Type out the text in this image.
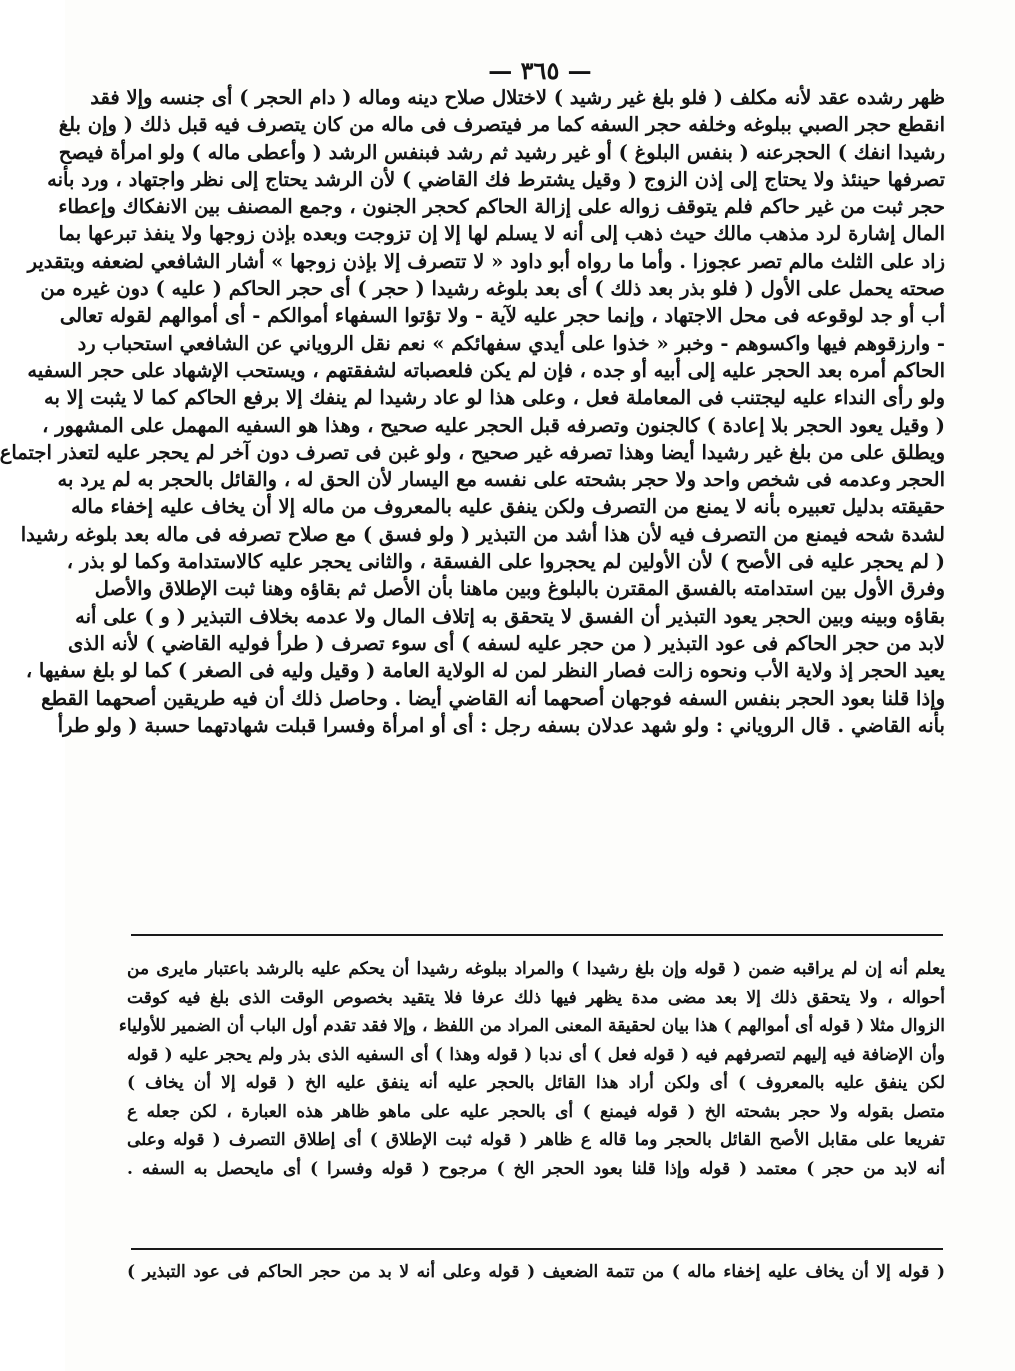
— ٣٦٥ —
ظهر رشده عقد لأنه مكلف ( فلو بلغ غير رشيد ) لاختلال صلاح دينه وماله ( دام الحجر ) أى جنسه وإلا فقد
انقطع حجر الصبي ببلوغه وخلفه حجر السفه كما مر فيتصرف فى ماله من كان يتصرف فيه قبل ذلك ( وإن بلغ
رشيدا انفك ) الحجرعنه ( بنفس البلوغ ) أو غير رشيد ثم رشد فبنفس الرشد ( وأعطى ماله ) ولو امرأة فيصح
تصرفها حينئذ ولا يحتاج إلى إذن الزوج ( وقيل يشترط فك القاضي ) لأن الرشد يحتاج إلى نظر واجتهاد ، ورد بأنه
حجر ثبت من غير حاكم فلم يتوقف زواله على إزالة الحاكم كحجر الجنون ، وجمع المصنف بين الانفكاك وإعطاء
المال إشارة لرد مذهب مالك حيث ذهب إلى أنه لا يسلم لها إلا إن تزوجت وبعده بإذن زوجها ولا ينفذ تبرعها بما
زاد على الثلث مالم تصر عجوزا . وأما ما رواه أبو داود « لا تتصرف إلا بإذن زوجها » أشار الشافعي لضعفه وبتقدير
صحته يحمل على الأول ( فلو بذر بعد ذلك ) أى بعد بلوغه رشيدا ( حجر ) أى حجر الحاكم ( عليه ) دون غيره من
أب أو جد لوقوعه فى محل الاجتهاد ، وإنما حجر عليه لآية - ولا تؤتوا السفهاء أموالكم - أى أموالهم لقوله تعالى
- وارزقوهم فيها واكسوهم - وخبر « خذوا على أيدي سفهائكم » نعم نقل الروياني عن الشافعي استحباب رد
الحاكم أمره بعد الحجر عليه إلى أبيه أو جده ، فإن لم يكن فلعصباته لشفقتهم ، ويستحب الإشهاد على حجر السفيه
ولو رأى النداء عليه ليجتنب فى المعاملة فعل ، وعلى هذا لو عاد رشيدا لم ينفك إلا برفع الحاكم كما لا يثبت إلا به
( وقيل يعود الحجر بلا إعادة ) كالجنون وتصرفه قبل الحجر عليه صحيح ، وهذا هو السفيه المهمل على المشهور ،
ويطلق على من بلغ غير رشيدا أيضا وهذا تصرفه غير صحيح ، ولو غبن فى تصرف دون آخر لم يحجر عليه لتعذر اجتماع
الحجر وعدمه فى شخص واحد ولا حجر بشحته على نفسه مع اليسار لأن الحق له ، والقائل بالحجر به لم يرد به
حقيقته بدليل تعبيره بأنه لا يمنع من التصرف ولكن ينفق عليه بالمعروف من ماله إلا أن يخاف عليه إخفاء ماله
لشدة شحه فيمنع من التصرف فيه لأن هذا أشد من التبذير ( ولو فسق ) مع صلاح تصرفه فى ماله بعد بلوغه رشيدا
( لم يحجر عليه فى الأصح ) لأن الأولين لم يحجروا على الفسقة ، والثانى يحجر عليه كالاستدامة وكما لو بذر ،
وفرق الأول بين استدامته بالفسق المقترن بالبلوغ وبين ماهنا بأن الأصل ثم بقاؤه وهنا ثبت الإطلاق والأصل
بقاؤه وبينه وبين الحجر يعود التبذير أن الفسق لا يتحقق به إتلاف المال ولا عدمه بخلاف التبذير ( و ) على أنه
لابد من حجر الحاكم فى عود التبذير ( من حجر عليه لسفه ) أى سوء تصرف ( طرأ فوليه القاضي ) لأنه الذى
يعيد الحجر إذ ولاية الأب ونحوه زالت فصار النظر لمن له الولاية العامة ( وقيل وليه فى الصغر ) كما لو بلغ سفيها ،
وإذا قلنا بعود الحجر بنفس السفه فوجهان أصحهما أنه القاضي أيضا . وحاصل ذلك أن فيه طريقين أصحهما القطع
بأنه القاضي . قال الروياني : ولو شهد عدلان بسفه رجل : أى أو امرأة وفسرا قبلت شهادتهما حسبة ( ولو طرأ
يعلم أنه إن لم يراقبه ضمن ( قوله وإن بلغ رشيدا ) والمراد ببلوغه رشيدا أن يحكم عليه بالرشد باعتبار مايرى من
أحواله ، ولا يتحقق ذلك إلا بعد مضى مدة يظهر فيها ذلك عرفا فلا يتقيد بخصوص الوقت الذى بلغ فيه كوقت
الزوال مثلا ( قوله أى أموالهم ) هذا بيان لحقيقة المعنى المراد من اللفظ ، وإلا فقد تقدم أول الباب أن الضمير للأولياء
وأن الإضافة فيه إليهم لتصرفهم فيه ( قوله فعل ) أى ندبا ( قوله وهذا ) أى السفيه الذى بذر ولم يحجر عليه ( قوله
لكن ينفق عليه بالمعروف ) أى ولكن أراد هذا القائل بالحجر عليه أنه ينفق عليه الخ ( قوله إلا أن يخاف )
متصل بقوله ولا حجر بشحته الخ ( قوله فيمنع ) أى بالحجر عليه على ماهو ظاهر هذه العبارة ، لكن جعله ع
تفريعا على مقابل الأصح القائل بالحجر وما قاله ع ظاهر ( قوله ثبت الإطلاق ) أى إطلاق التصرف ( قوله وعلى
أنه لابد من حجر ) معتمد ( قوله وإذا قلنا بعود الحجر الخ ) مرجوح ( قوله وفسرا ) أى مايحصل به السفه .
( قوله إلا أن يخاف عليه إخفاء ماله ) من تتمة الضعيف ( قوله وعلى أنه لا بد من حجر الحاكم فى عود التبذير )
